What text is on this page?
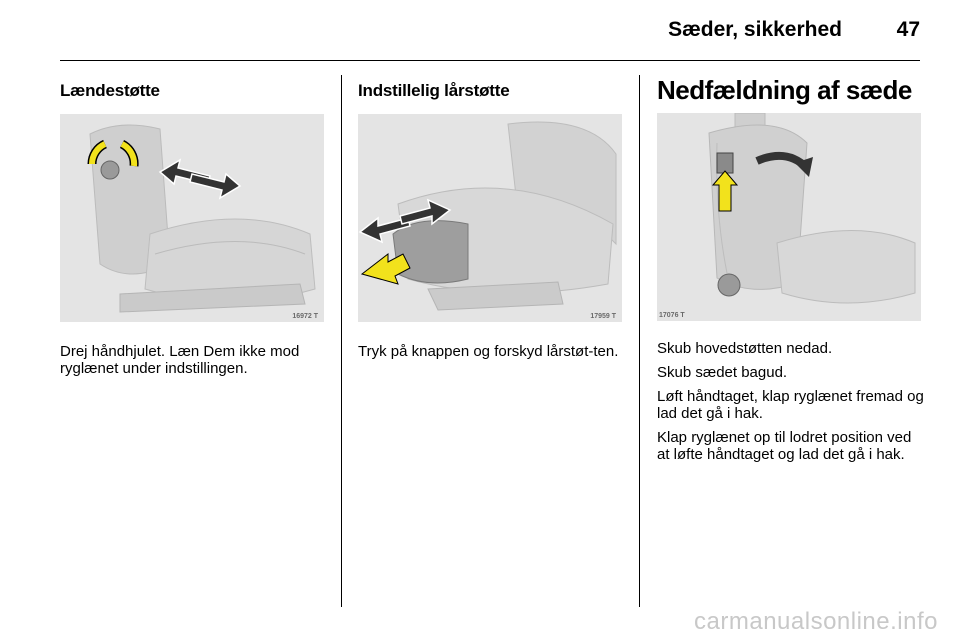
Sæder, sikkerhed	47
Lændestøtte
16972 T

Drej håndhjulet. Læn Dem ikke mod ryglænet under indstillingen.

Indstillelig lårstøtte
17959 T

Tryk på knappen og forskyd lårstøt-ten.

Nedfældning af sæde
17076 T

Skub hovedstøtten nedad.

Skub sædet bagud.

Løft håndtaget, klap ryglænet fremad og lad det gå i hak.

Klap ryglænet op til lodret position ved at løfte håndtaget og lad det gå i hak.

carmanualsonline.info
